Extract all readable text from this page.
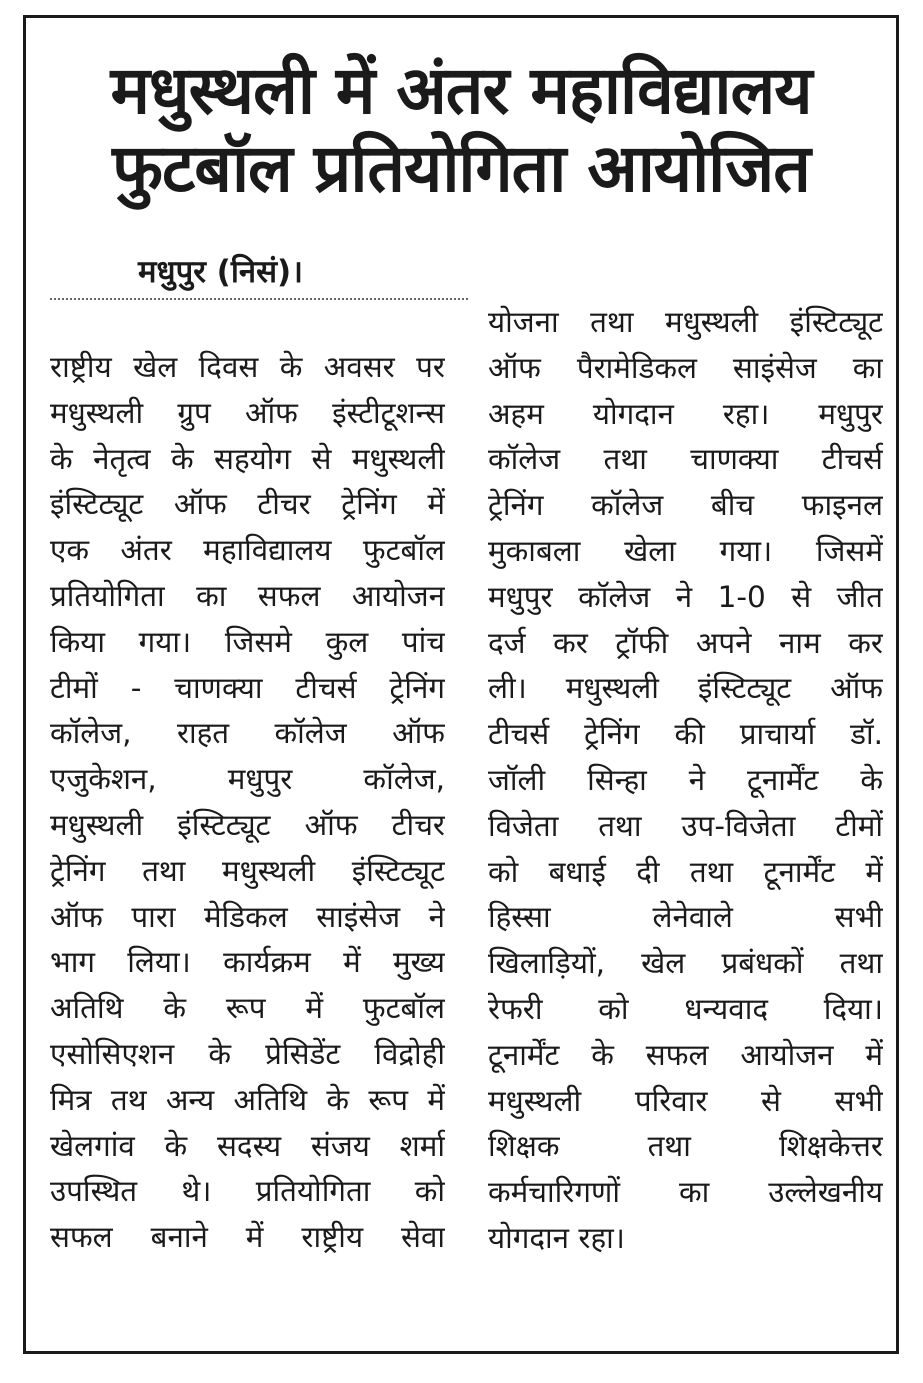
मधुस्थली में अंतर महाविद्यालय
फुटबॉल प्रतियोगिता आयोजित
मधुपुर (निसं)।
राष्ट्रीय खेल दिवस के अवसर पर
मधुस्थली ग्रुप ऑफ इंस्टीटूशन्स
के नेतृत्व के सहयोग से मधुस्थली
इंस्टिट्यूट ऑफ टीचर ट्रेनिंग में
एक अंतर महाविद्यालय फुटबॉल
प्रतियोगिता का सफल आयोजन
किया गया। जिसमे कुल पांच
टीमों - चाणक्या टीचर्स ट्रेनिंग
कॉलेज, राहत कॉलेज ऑफ
एजुकेशन, मधुपुर कॉलेज,
मधुस्थली इंस्टिट्यूट ऑफ टीचर
ट्रेनिंग तथा मधुस्थली इंस्टिट्यूट
ऑफ पारा मेडिकल साइंसेज ने
भाग लिया। कार्यक्रम में मुख्य
अतिथि के रूप में फुटबॉल
एसोसिएशन के प्रेसिडेंट विद्रोही
मित्र तथ अन्य अतिथि के रूप में
खेलगांव के सदस्य संजय शर्मा
उपस्थित थे। प्रतियोगिता को
सफल बनाने में राष्ट्रीय सेवा
योजना तथा मधुस्थली इंस्टिट्यूट
ऑफ पैरामेडिकल साइंसेज का
अहम योगदान रहा। मधुपुर
कॉलेज तथा चाणक्या टीचर्स
ट्रेनिंग कॉलेज बीच फाइनल
मुकाबला खेला गया। जिसमें
मधुपुर कॉलेज ने 1-0 से जीत
दर्ज कर ट्रॉफी अपने नाम कर
ली। मधुस्थली इंस्टिट्यूट ऑफ
टीचर्स ट्रेनिंग की प्राचार्या डॉ.
जॉली सिन्हा ने टूनार्मेंट के
विजेता तथा उप-विजेता टीमों
को बधाई दी तथा टूनार्मेंट में
हिस्सा लेनेवाले सभी
खिलाड़ियों, खेल प्रबंधकों तथा
रेफरी को धन्यवाद दिया।
टूनार्मेंट के सफल आयोजन में
मधुस्थली परिवार से सभी
शिक्षक तथा शिक्षकेत्तर
कर्मचारिगणों का उल्लेखनीय
योगदान रहा।
